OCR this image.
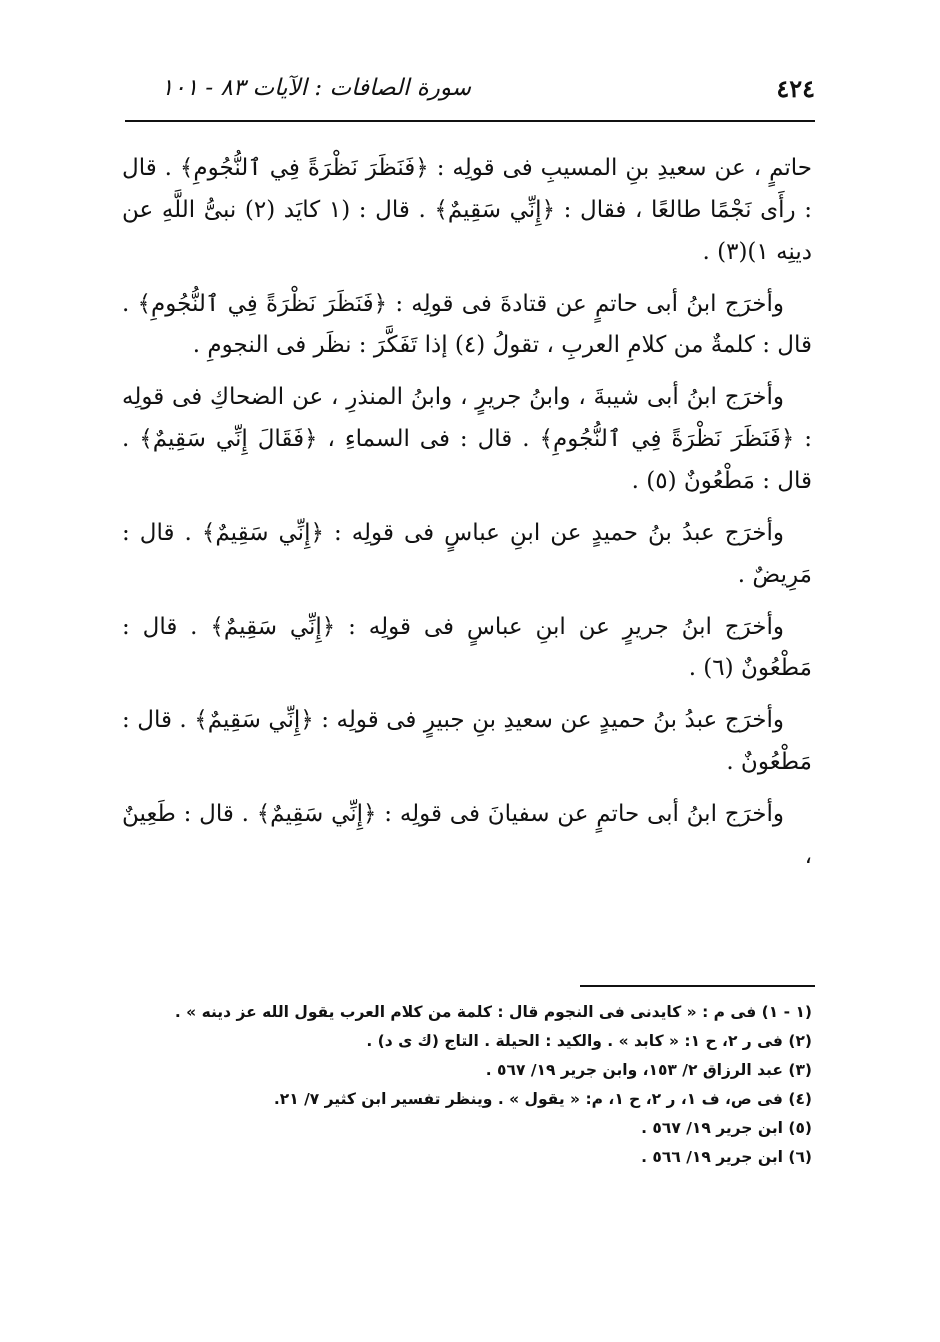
٤٢٤
سورة الصافات : الآيات ٨٣ - ١٠١

حاتمٍ ، عن سعيدِ بنِ المسيبِ فى قولِه : ﴿فَنَظَرَ نَظْرَةً فِي ٱلنُّجُومِ﴾ . قال : رأَى نَجْمًا طالعًا ، فقال : ﴿إِنِّي سَقِيمٌ﴾ . قال : (١ كايَد (٢) نبىُّ اللَّهِ عن دينِه ١)(٣) .

وأخرَج ابنُ أبى حاتمٍ عن قتادةَ فى قولِه : ﴿فَنَظَرَ نَظْرَةً فِي ٱلنُّجُومِ﴾ . قال : كلمةٌ من كلامِ العربِ ، تقولُ (٤) إذا تَفَكَّرَ : نظَر فى النجومِ .

وأخرَج ابنُ أبى شيبةَ ، وابنُ جريرٍ ، وابنُ المنذرِ ، عن الضحاكِ فى قولِه : ﴿فَنَظَرَ نَظْرَةً فِي ٱلنُّجُومِ﴾ . قال : فى السماءِ ، ﴿فَقَالَ إِنِّي سَقِيمٌ﴾ . قال : مَطْعُونٌ (٥) .

وأخرَج عبدُ بنُ حميدٍ عن ابنِ عباسٍ فى قولِه : ﴿إِنِّي سَقِيمٌ﴾ . قال : مَرِيضٌ .

وأخرَج ابنُ جريرٍ عن ابنِ عباسٍ فى قولِه : ﴿إِنِّي سَقِيمٌ﴾ . قال : مَطْعُونٌ (٦) .

وأخرَج عبدُ بنُ حميدٍ عن سعيدِ بنِ جبيرٍ فى قولِه : ﴿إِنِّي سَقِيمٌ﴾ . قال : مَطْعُونٌ .

وأخرَج ابنُ أبى حاتمٍ عن سفيانَ فى قولِه : ﴿إِنِّي سَقِيمٌ﴾ . قال : طَعِينٌ ،

(١ - ١) فى م : « كايدنى فى النجوم قال : كلمة من كلام العرب يقول الله عز دينه » .

(٢) فى ر ٢، ح ١: « كابد » . والكيد : الحيلة . التاج (ك ى د) .

(٣) عبد الرزاق ٢/ ١٥٣، وابن جرير ١٩/ ٥٦٧ .

(٤) فى ص، ف ١، ر ٢، ح ١، م: « يقول » . وينظر تفسير ابن كثير ٧/ ٢١.

(٥) ابن جرير ١٩/ ٥٦٧ .

(٦) ابن جرير ١٩/ ٥٦٦ .
